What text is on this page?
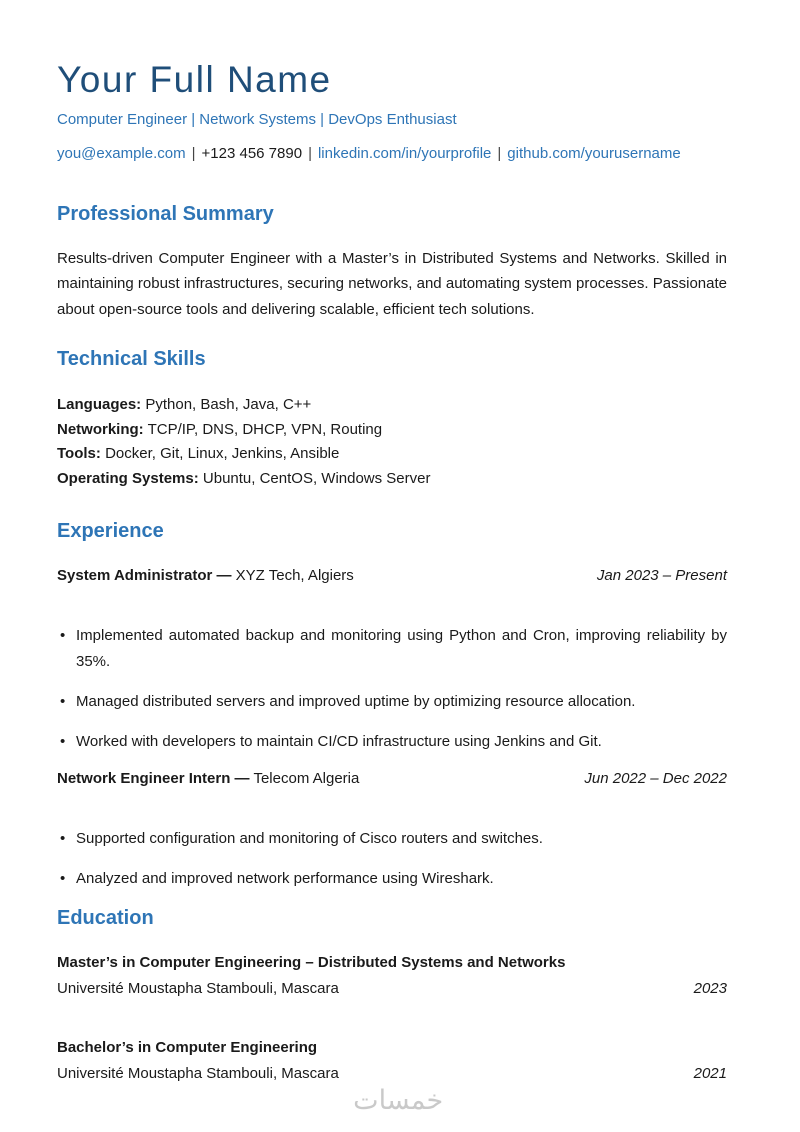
Your Full Name
Computer Engineer | Network Systems | DevOps Enthusiast
you@example.com | +123 456 7890 | linkedin.com/in/yourprofile | github.com/yourusername
Professional Summary

Results-driven Computer Engineer with a Master’s in Distributed Systems and Networks. Skilled in maintaining robust infrastructures, securing networks, and automating system processes. Passionate about open-source tools and delivering scalable, efficient tech solutions.

Technical Skills
Languages: Python, Bash, Java, C++
Networking: TCP/IP, DNS, DHCP, VPN, Routing
Tools: Docker, Git, Linux, Jenkins, Ansible
Operating Systems: Ubuntu, CentOS, Windows Server
Experience
System Administrator — XYZ Tech, Algiers	Jan 2023 – Present
• Implemented automated backup and monitoring using Python and Cron, improving reliability by 35%.
• Managed distributed servers and improved uptime by optimizing resource allocation.
• Worked with developers to maintain CI/CD infrastructure using Jenkins and Git.
Network Engineer Intern — Telecom Algeria	Jun 2022 – Dec 2022
• Supported configuration and monitoring of Cisco routers and switches.
• Analyzed and improved network performance using Wireshark.
Education
Master’s in Computer Engineering – Distributed Systems and Networks
Université Moustapha Stambouli, Mascara	2023
Bachelor’s in Computer Engineering
Université Moustapha Stambouli, Mascara	2021
خمسات
